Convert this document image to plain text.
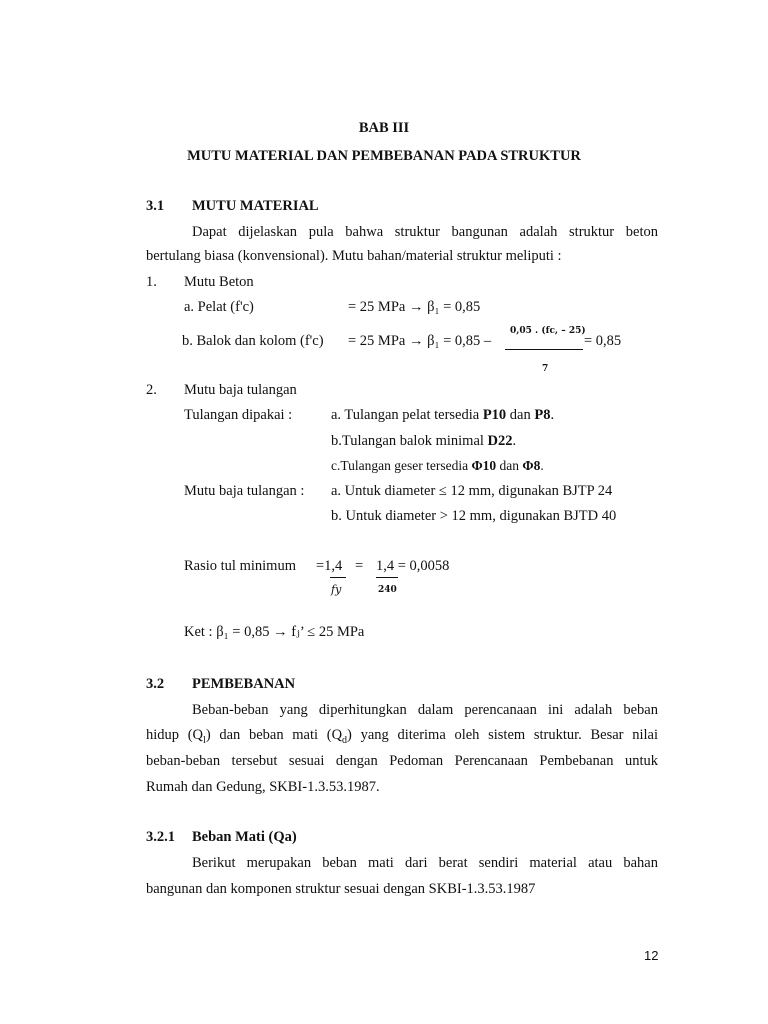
BAB III
MUTU MATERIAL DAN PEMBEBANAN PADA STRUKTUR
3.1 MUTU MATERIAL
Dapat dijelaskan pula bahwa struktur bangunan adalah struktur beton
bertulang biasa (konvensional). Mutu bahan/material struktur meliputi :
1. Mutu Beton
a. Pelat (f'c)	= 25 MPa → β₁ = 0,85
b. Balok dan kolom (f'c) = 25 MPa → β₁ = 0,85 –
0,05 . (fc, – 25)
= 0,85
7
2. Mutu baja tulangan
Tulangan dipakai :	a. Tulangan pelat tersedia P10 dan P8.
b.Tulangan balok minimal D22.
c.Tulangan geser tersedia Φ10 dan Φ8.
Mutu baja tulangan : a. Untuk diameter ≤ 12 mm, digunakan BJTP 24
b. Untuk diameter > 12 mm, digunakan BJTD 40
Rasio tul minimum =1,4 = 1,4 = 0,0058
fy	240
Ket : β₁ = 0,85 → fⱼ’ ≤ 25 MPa
3.2 PEMBEBANAN
Beban-beban yang diperhitungkan dalam perencanaan ini adalah beban
hidup $(Q_l)$ dan beban mati $(Q_d)$ yang diterima oleh sistem struktur. Besar nilai
beban-beban tersebut sesuai dengan Pedoman Perencanaan Pembebanan untuk
Rumah dan Gedung, SKBI-1.3.53.1987.
3.2.1 Beban Mati (Qa)
Berikut merupakan beban mati dari berat sendiri material atau bahan
bangunan dan komponen struktur sesuai dengan SKBI-1.3.53.1987
12
